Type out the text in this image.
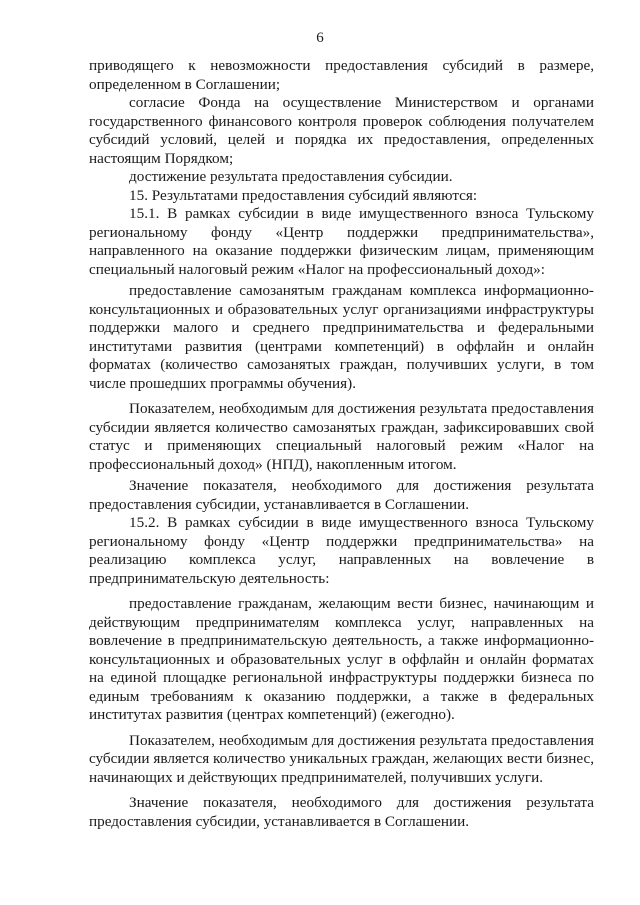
6

приводящего к невозможности предоставления субсидий в размере, определенном в Соглашении;

согласие Фонда на осуществление Министерством и органами государственного финансового контроля проверок соблюдения получателем субсидий условий, целей и порядка их предоставления, определенных настоящим Порядком;

достижение результата предоставления субсидии.

15. Результатами предоставления субсидий являются:

15.1. В рамках субсидии в виде имущественного взноса Тульскому региональному фонду «Центр поддержки предпринимательства», направленного на оказание поддержки физическим лицам, применяющим специальный налоговый режим «Налог на профессиональный доход»:

предоставление самозанятым гражданам комплекса информационно-консультационных и образовательных услуг организациями инфраструктуры поддержки малого и среднего предпринимательства и федеральными институтами развития (центрами компетенций) в оффлайн и онлайн форматах (количество самозанятых граждан, получивших услуги, в том числе прошедших программы обучения).

Показателем, необходимым для достижения результата предоставления субсидии является количество самозанятых граждан, зафиксировавших свой статус и применяющих специальный налоговый режим «Налог на профессиональный доход» (НПД), накопленным итогом.

Значение показателя, необходимого для достижения результата предоставления субсидии, устанавливается в Соглашении.

15.2. В рамках субсидии в виде имущественного взноса Тульскому региональному фонду «Центр поддержки предпринимательства» на реализацию комплекса услуг, направленных на вовлечение в предпринимательскую деятельность:

предоставление гражданам, желающим вести бизнес, начинающим и действующим предпринимателям комплекса услуг, направленных на вовлечение в предпринимательскую деятельность, а также информационно-консультационных и образовательных услуг в оффлайн и онлайн форматах на единой площадке региональной инфраструктуры поддержки бизнеса по единым требованиям к оказанию поддержки, а также в федеральных институтах развития (центрах компетенций) (ежегодно).

Показателем, необходимым для достижения результата предоставления субсидии является количество уникальных граждан, желающих вести бизнес, начинающих и действующих предпринимателей, получивших услуги.

Значение показателя, необходимого для достижения результата предоставления субсидии, устанавливается в Соглашении.
